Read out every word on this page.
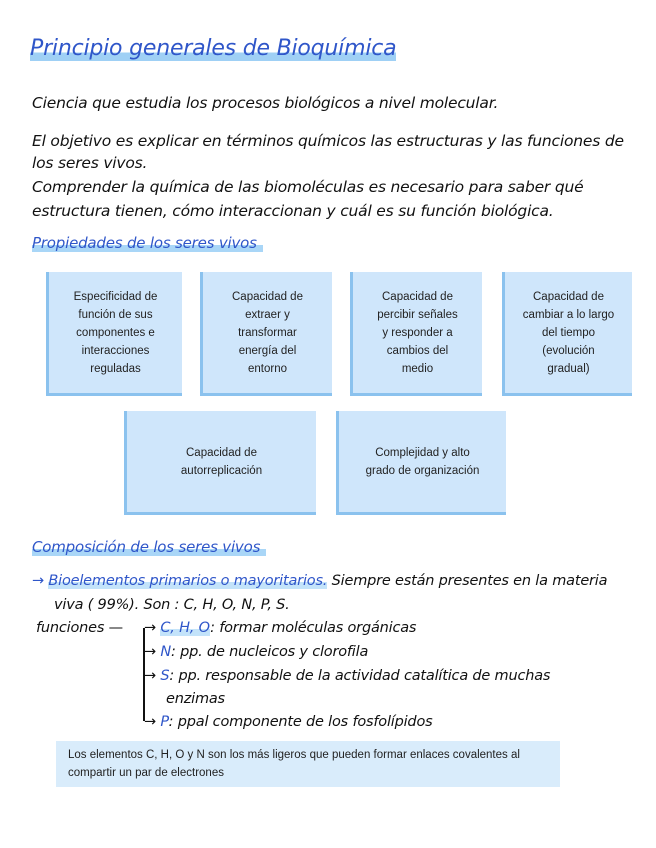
Principio generales de Bioquímica
Ciencia que estudia los procesos biológicos a nivel molecular.
El objetivo es explicar en términos químicos las estructuras y las funciones de
los seres vivos.
Comprender la química de las biomoléculas es necesario para saber qué
estructura tienen, cómo interaccionan y cuál es su función biológica.
Propiedades de los seres vivos
Especificidad de
función de sus
componentes e
interacciones
reguladas
Capacidad de
extraer y
transformar
energía del
entorno
Capacidad de
percibir señales
y responder a
cambios del
medio
Capacidad de
cambiar a lo largo
del tiempo
(evolución
gradual)
Capacidad de
autorreplicación
Complejidad y alto
grado de organización
Composición de los seres vivos
→ Bioelementos primarios o mayoritarios. Siempre están presentes en la materia
viva ( 99%). Son : C, H, O, N, P, S.
funciones — → C, H, O: formar moléculas orgánicas
→ N: pp. de nucleicos y clorofila
→ S: pp. responsable de la actividad catalítica de muchas
enzimas
→ P: ppal componente de los fosfolípidos
Los elementos C, H, O y N son los más ligeros que pueden formar enlaces covalentes al
compartir un par de electrones
